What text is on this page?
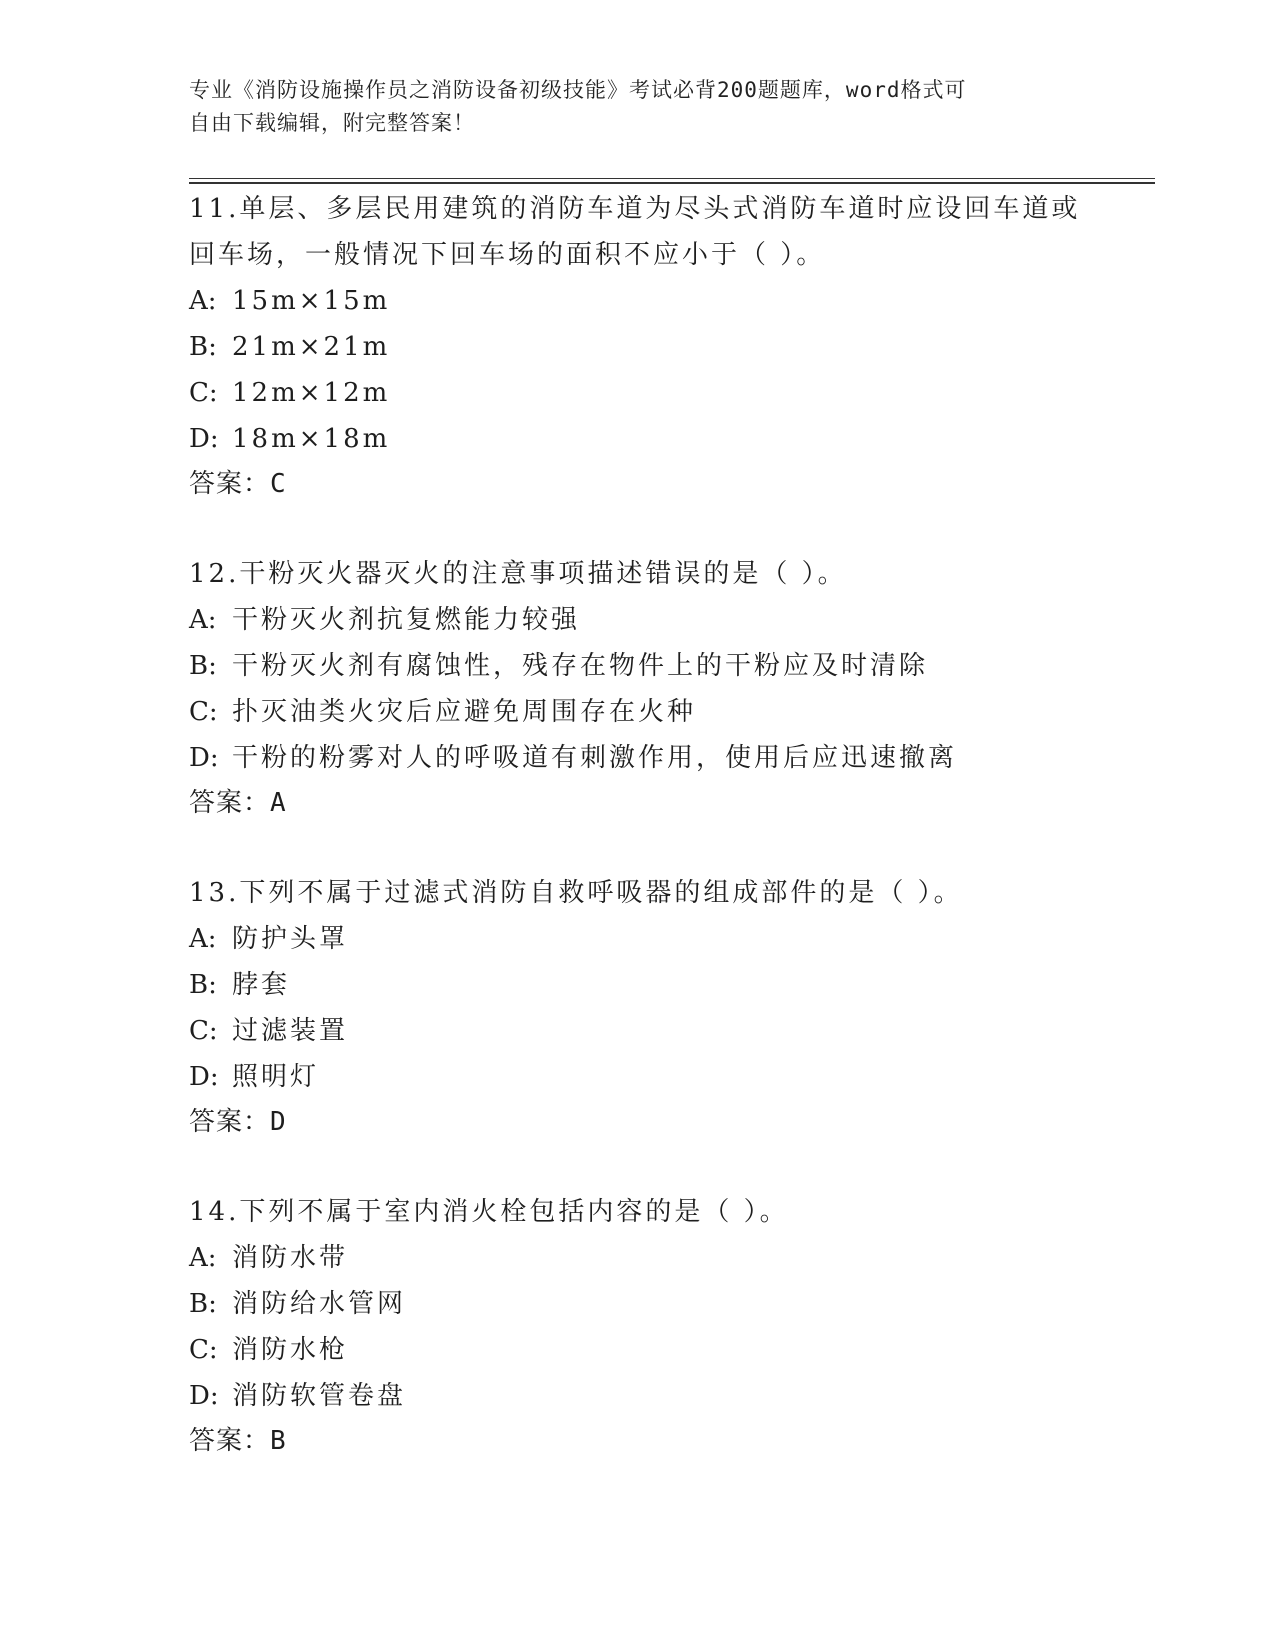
专业《消防设施操作员之消防设备初级技能》考试必背200题题库，word格式可
自由下载编辑，附完整答案！
11.单层、多层民用建筑的消防车道为尽头式消防车道时应设回车道或
回车场，一般情况下回车场的面积不应小于（ ）。
A: 15m×15m
B: 21m×21m
C: 12m×12m
D: 18m×18m
答案：C
12.干粉灭火器灭火的注意事项描述错误的是（ ）。
A: 干粉灭火剂抗复燃能力较强
B: 干粉灭火剂有腐蚀性，残存在物件上的干粉应及时清除
C: 扑灭油类火灾后应避免周围存在火种
D: 干粉的粉雾对人的呼吸道有刺激作用，使用后应迅速撤离
答案：A
13.下列不属于过滤式消防自救呼吸器的组成部件的是（ ）。
A: 防护头罩
B: 脖套
C: 过滤装置
D: 照明灯
答案：D
14.下列不属于室内消火栓包括内容的是（ ）。
A: 消防水带
B: 消防给水管网
C: 消防水枪
D: 消防软管卷盘
答案：B
